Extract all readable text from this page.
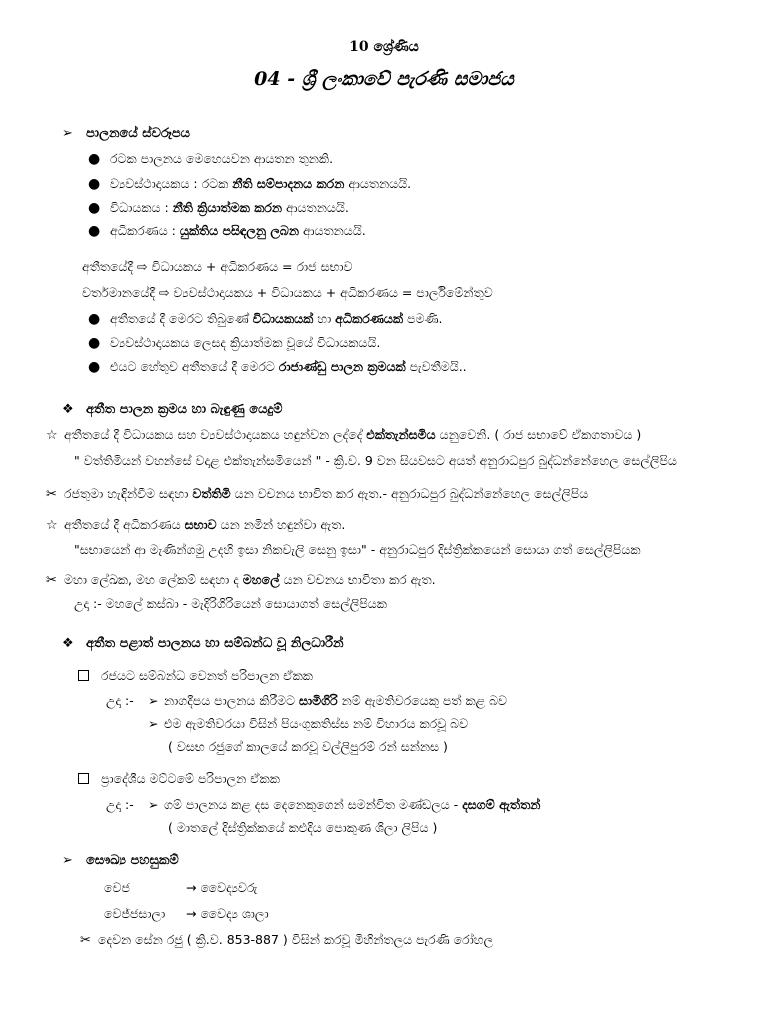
10 ශ්‍රේණිය
04 - ශ්‍රී ලංකාවේ පැරණි සමාජය
➢ පාලනයේ ස්වරූපය
● රටක පාලනය මෙහෙයවන ආයතන තුනකි.
● ව්‍යවස්ථාදායකය : රටක නීති සම්පාදනය කරන ආයතනයයි.
● විධායකය : නීති ක්‍රියාත්මක කරන ආයතනයයි.
● අධිකරණය : යුක්තිය පසිඳලනු ලබන ආයතනයයි.
අතීතයේදී ⇨ විධායකය + අධිකරණය = රාජ සභාව
වර්තමානයේදී ⇨ ව්‍යවස්ථාදායකය + විධායකය + අධිකරණය = පාර්ලිමේන්තුව
● අතීතයේ දී මෙරට තිබුණේ විධායකයක් හා අධිකරණයක් පමණි.
● ව්‍යවස්ථාදායකය ලෙසද ක්‍රියාත්මක වූයේ විධායකයයි.
● එයට හේතුව අතීතයේ දී මෙරට රාජාණ්ඩු පාලන ක්‍රමයක් පැවතීමයි..
❖ අතීත පාලන ක්‍රමය හා බැඳුණු යෙදුම්
☆ අතීතයේ දී විධායකය සහ ව්‍යවස්ථාදායකය හඳුන්වන ලද්දේ එක්තැන්සමිය යනුවෙනි. ( රාජ සභාවේ ඒකගතාවය )
" වත්තිමියන් වහන්සේ වදාළ එක්තැන්සමියෙන් " - ක්‍රි.ව. 9 වන සියවසට අයත් අනුරාධපුර බුද්ධන්නේහෙල සෙල්ලිපිය
✂ රජතුමා හැඳින්වීම සඳහා වත්තිමි යන වචනය භාවිත කර ඇත.- අනුරාධපුර බුද්ධන්නේහෙල සෙල්ලිපිය
☆ අතීතයේ දී අධිකරණය සභාව යන නමින් හඳුන්වා ඇත.
"සභායෙන් ආ මැණින්ගමු උදහි ඉසා නිකවැලි සෙනු ඉසා" - අනුරාධපුර දිස්ත්‍රික්කයෙන් සොයා ගත් සෙල්ලිපියක
✂ මහා ලේඛක, මහ ලේකම් සඳහා ද මහලේ යන වචනය භාවිතා කර ඇත.
උදා :- මහලේ කස්බා - මැදිරිගිරියෙන් සොයාගත් සෙල්ලිපියක
❖ අතීත පළාත් පාලනය හා සම්බන්ධ වූ නිලධාරීන්
රජයට සම්බන්ධ වෙනත් පරිපාලන ඒකක
උදා :- ➢ නාගදීපය පාලනය කිරීමට සාමිගිරි නම් ඇමතිවරයෙකු පත් කළ බව
➢ එම ඇමතිවරයා විසින් පියංගුකතිස්ස නම් විහාරය කරවූ බව
( වසභ රජුගේ කාලයේ කරවූ වල්ලිපුරම් රන් සන්නස )
ප්‍රාදේශීය මට්ටමේ පරිපාලන ඒකක
උදා :- ➢ ගම් පාලනය කළ දස දෙනෙකුගෙන් සමන්විත මණ්ඩලය - දසගම් ඇත්තන්
( මාතලේ දිස්ත්‍රික්කයේ කළුදිය පොකුණ ශිලා ලිපිය )
➢ සෞඛ්‍ය පහසුකම්
වෙජ	→ වෛද්‍යවරු
වෙජ්ජසාලා → වෛද්‍ය ශාලා
✂ දෙවන සේන රජු ( ක්‍රි.ව. 853-887 ) විසින් කරවූ මිහින්තලය පැරණි රෝහල
